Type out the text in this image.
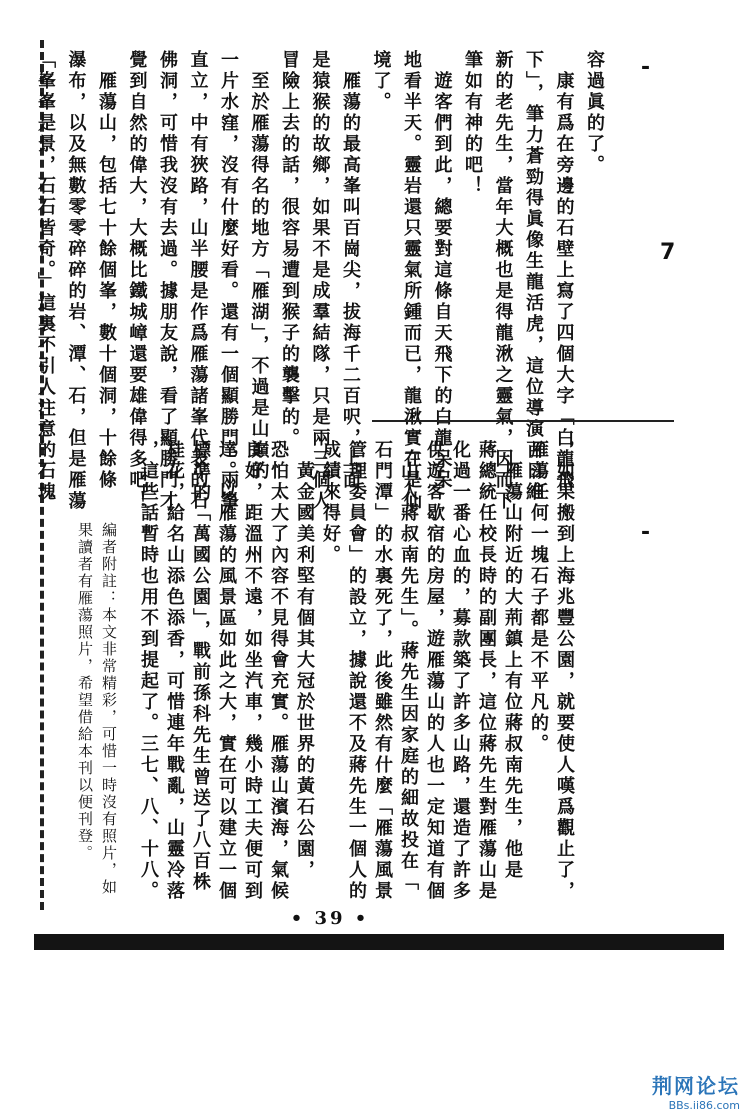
⁃
7
⁃
容過眞的了。
　康有爲在旁邊的石壁上寫了四個大字「白龍飛
下」，筆力蒼勁得眞像生龍活虎，這位導演百日維
新的老先生，當年大概也是得龍湫之靈氣，因而下
筆如有神的吧！
　遊客們到此，總要對這條自天飛下的白龍呆呆
地看半天。靈岩還只靈氣所鍾而已，龍湫實在是仙
境了。
　雁蕩的最高峯叫百崗尖，拔海千二百呎，上面
是猿猴的故鄉，如果不是成羣結隊，只是兩三個人
冒險上去的話，很容易遭到猴子的襲擊的。
　至於雁蕩得名的地方「雁湖」，不過是山巔的
一片水窪，沒有什麼好看。還有一個顯勝門，兩峯
直立，中有狹路，山半腰是作爲雁蕩諸峯代表的石
佛洞，可惜我沒有去過。據朋友說，看了顯勝門才
覺到自然的偉大，大概比鐵城嶂還要雄偉得多吧！
　雁蕩山，包括七十餘個峯，數十個洞，十餘條
瀑布，以及無數零零碎碎的岩、潭、石，但是雁蕩
「峯峯是景，石石皆奇。」這裏不引人注意的石塊
，如果搬到上海兆豐公園，就要使人嘆爲觀止了，
雁蕩任何一塊石子都是不平凡的。
　雁蕩山附近的大荊鎮上有位蔣叔南先生，他是
蔣總統任校長時的副團長，這位蔣先生對雁蕩山是
化過一番心血的，募款築了許多山路，還造了許多
供遊客歇宿的房屋，遊雁蕩山的人也一定知道有個
「山人蔣叔南先生」。蔣先生因家庭的細故投在「
石門潭」的水裏死了，此後雖然有什麼「雁蕩風景
管理委員會」的設立，據說還不及蔣先生一個人的
成績來得好。
　黃金國美利堅有個其大冠於世界的黃石公園，
恐怕太大了內容不見得會充實。雁蕩山濱海，氣候
良好，距溫州不遠，如坐汽車，幾小時工夫便可到
達。以雁蕩的風景區如此之大，實在可以建立一個
標準的「萬國公園」，戰前孫科先生曾送了八百株
桂花，給名山添色添香，可惜連年戰亂，山靈冷落
，這些話暫時也用不到提起了。三七、八、十八。
編者附註：本文非常精彩，可惜一時沒有照片，如
果讀者有雁蕩照片，希望借給本刊以便刊登。
• 39 •
荆网论坛
BBs.ii86.com
